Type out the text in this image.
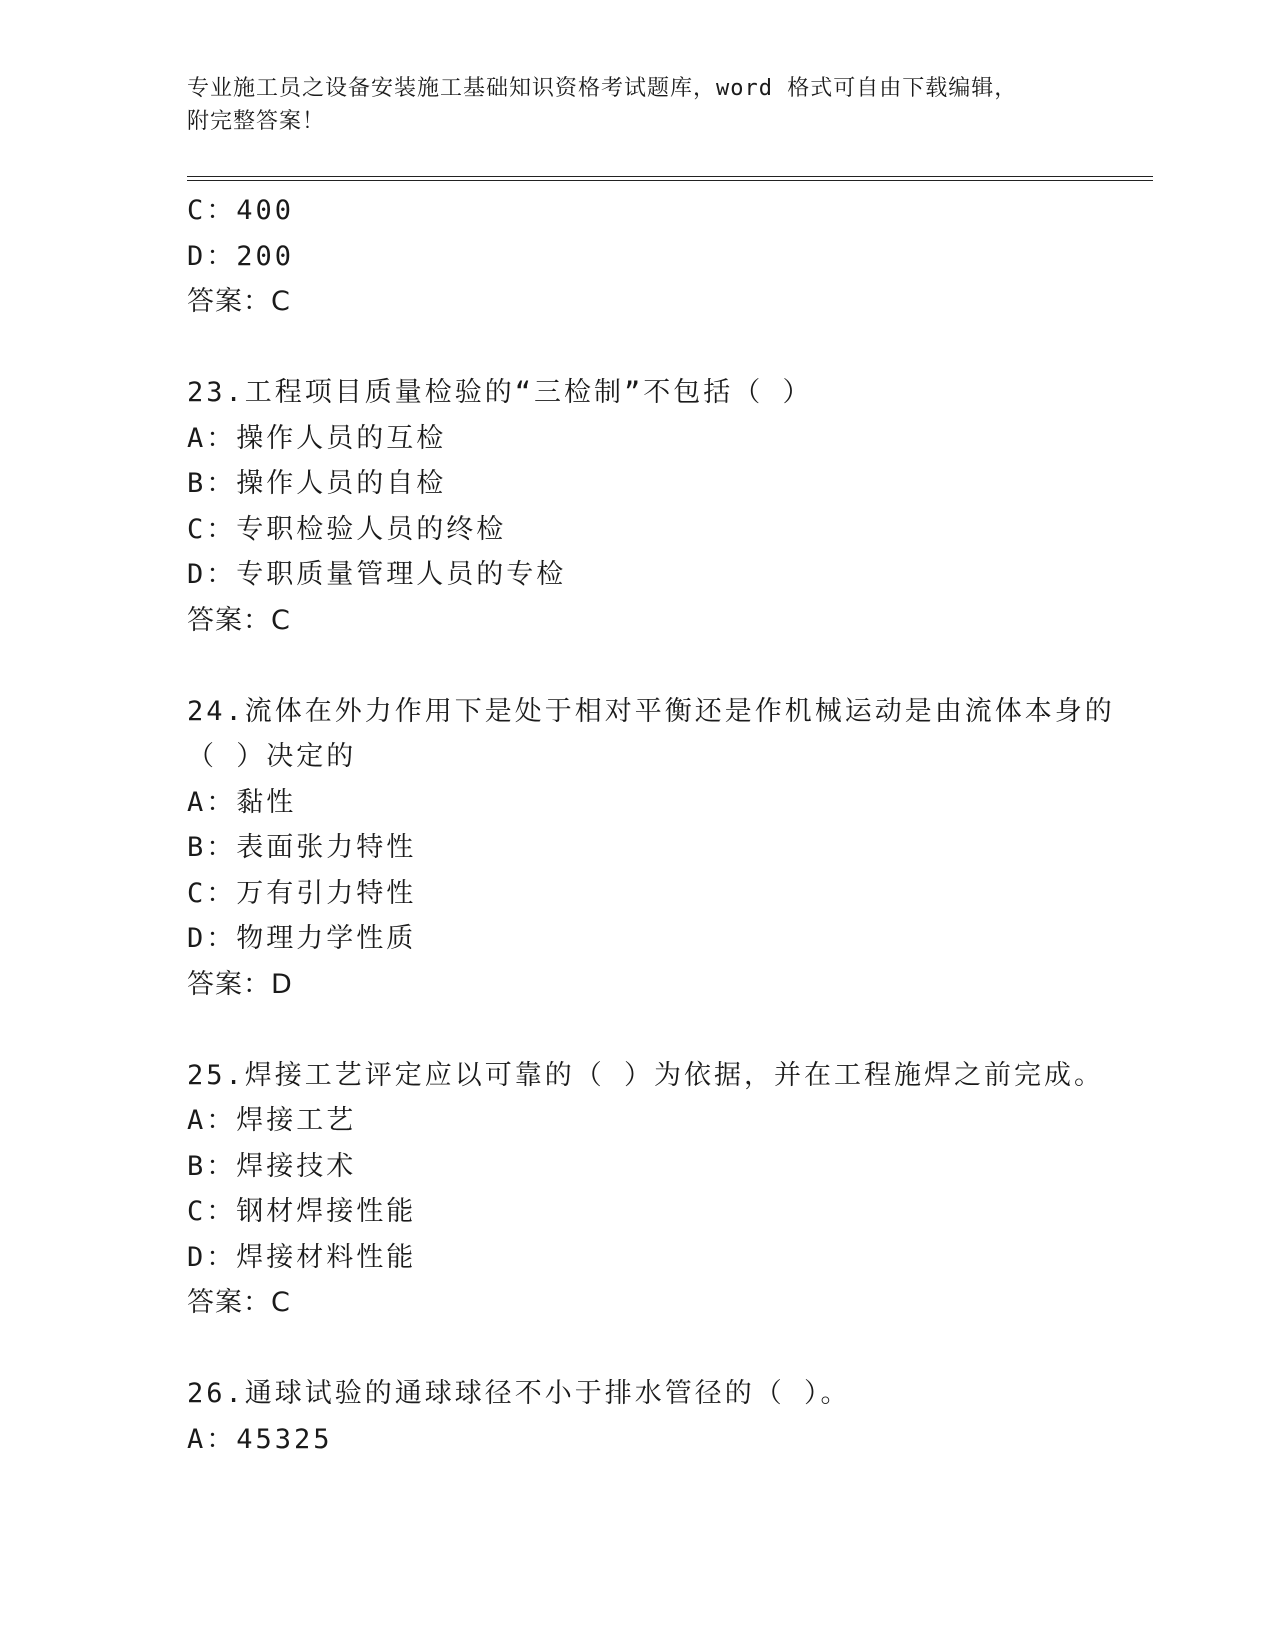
专业施工员之设备安装施工基础知识资格考试题库，word 格式可自由下载编辑，
附完整答案！
C：400
D：200
答案：C
23.工程项目质量检验的“三检制”不包括（ ）
A：操作人员的互检
B：操作人员的自检
C：专职检验人员的终检
D：专职质量管理人员的专检
答案：C
24.流体在外力作用下是处于相对平衡还是作机械运动是由流体本身的
（ ）决定的
A：黏性
B：表面张力特性
C：万有引力特性
D：物理力学性质
答案：D
25.焊接工艺评定应以可靠的（ ）为依据，并在工程施焊之前完成。
A：焊接工艺
B：焊接技术
C：钢材焊接性能
D：焊接材料性能
答案：C
26.通球试验的通球球径不小于排水管径的（ ）。
A：45325
